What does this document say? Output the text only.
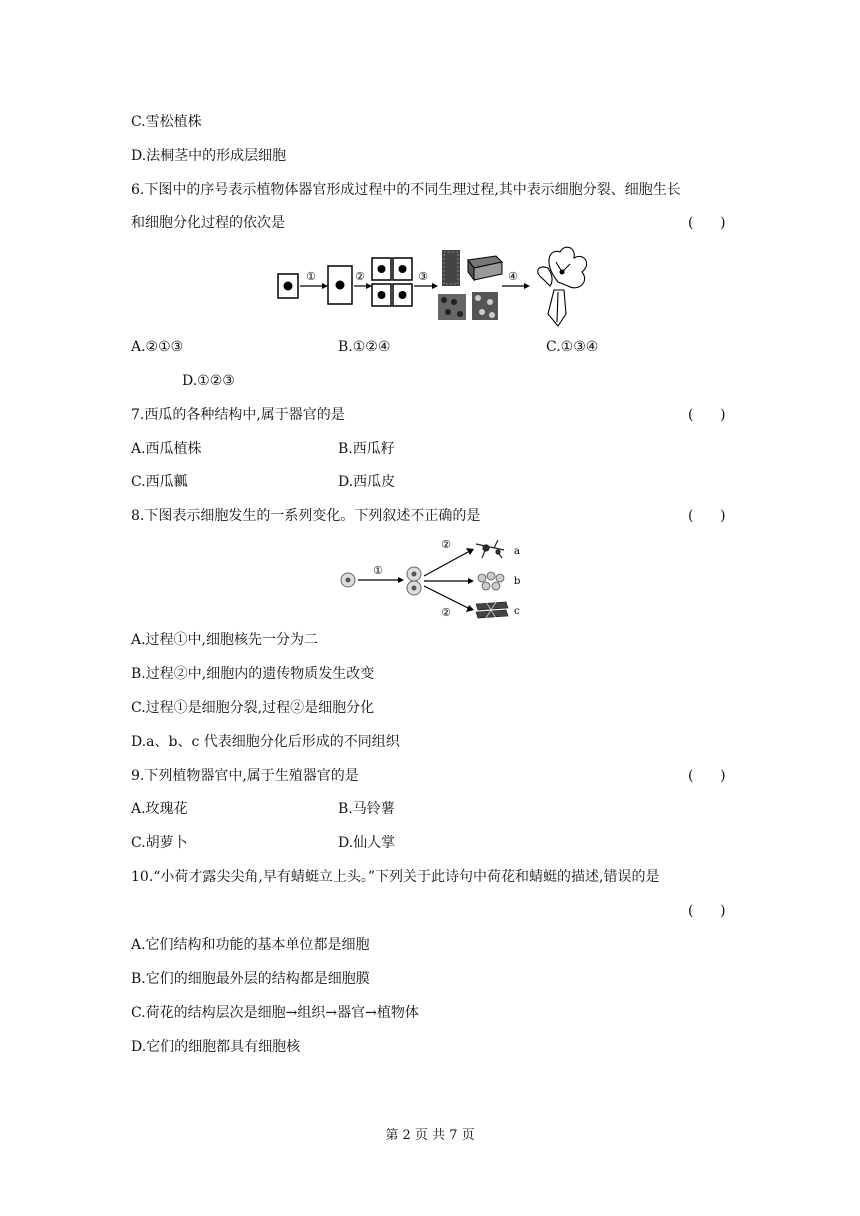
C.雪松植株
D.法桐茎中的形成层细胞
6.下图中的序号表示植物体器官形成过程中的不同生理过程,其中表示细胞分裂、细胞生长
和细胞分化过程的依次是	(      )
①	②	③	④
A.②①③	B.①②④	C.①③④
D.①②③
7.西瓜的各种结构中,属于器官的是	(      )
A.西瓜植株	B.西瓜籽
C.西瓜瓤	D.西瓜皮
8.下图表示细胞发生的一系列变化。下列叙述不正确的是	(      )
①
②
②
a
b
c
A.过程①中,细胞核先一分为二
B.过程②中,细胞内的遗传物质发生改变
C.过程①是细胞分裂,过程②是细胞分化
D.a、b、c 代表细胞分化后形成的不同组织
9.下列植物器官中,属于生殖器官的是	(      )
A.玫瑰花	B.马铃薯
C.胡萝卜	D.仙人掌
10.“小荷才露尖尖角,早有蜻蜓立上头。”下列关于此诗句中荷花和蜻蜓的描述,错误的是
(      )
A.它们结构和功能的基本单位都是细胞
B.它们的细胞最外层的结构都是细胞膜
C.荷花的结构层次是细胞→组织→器官→植物体
D.它们的细胞都具有细胞核
第 2 页 共 7 页
